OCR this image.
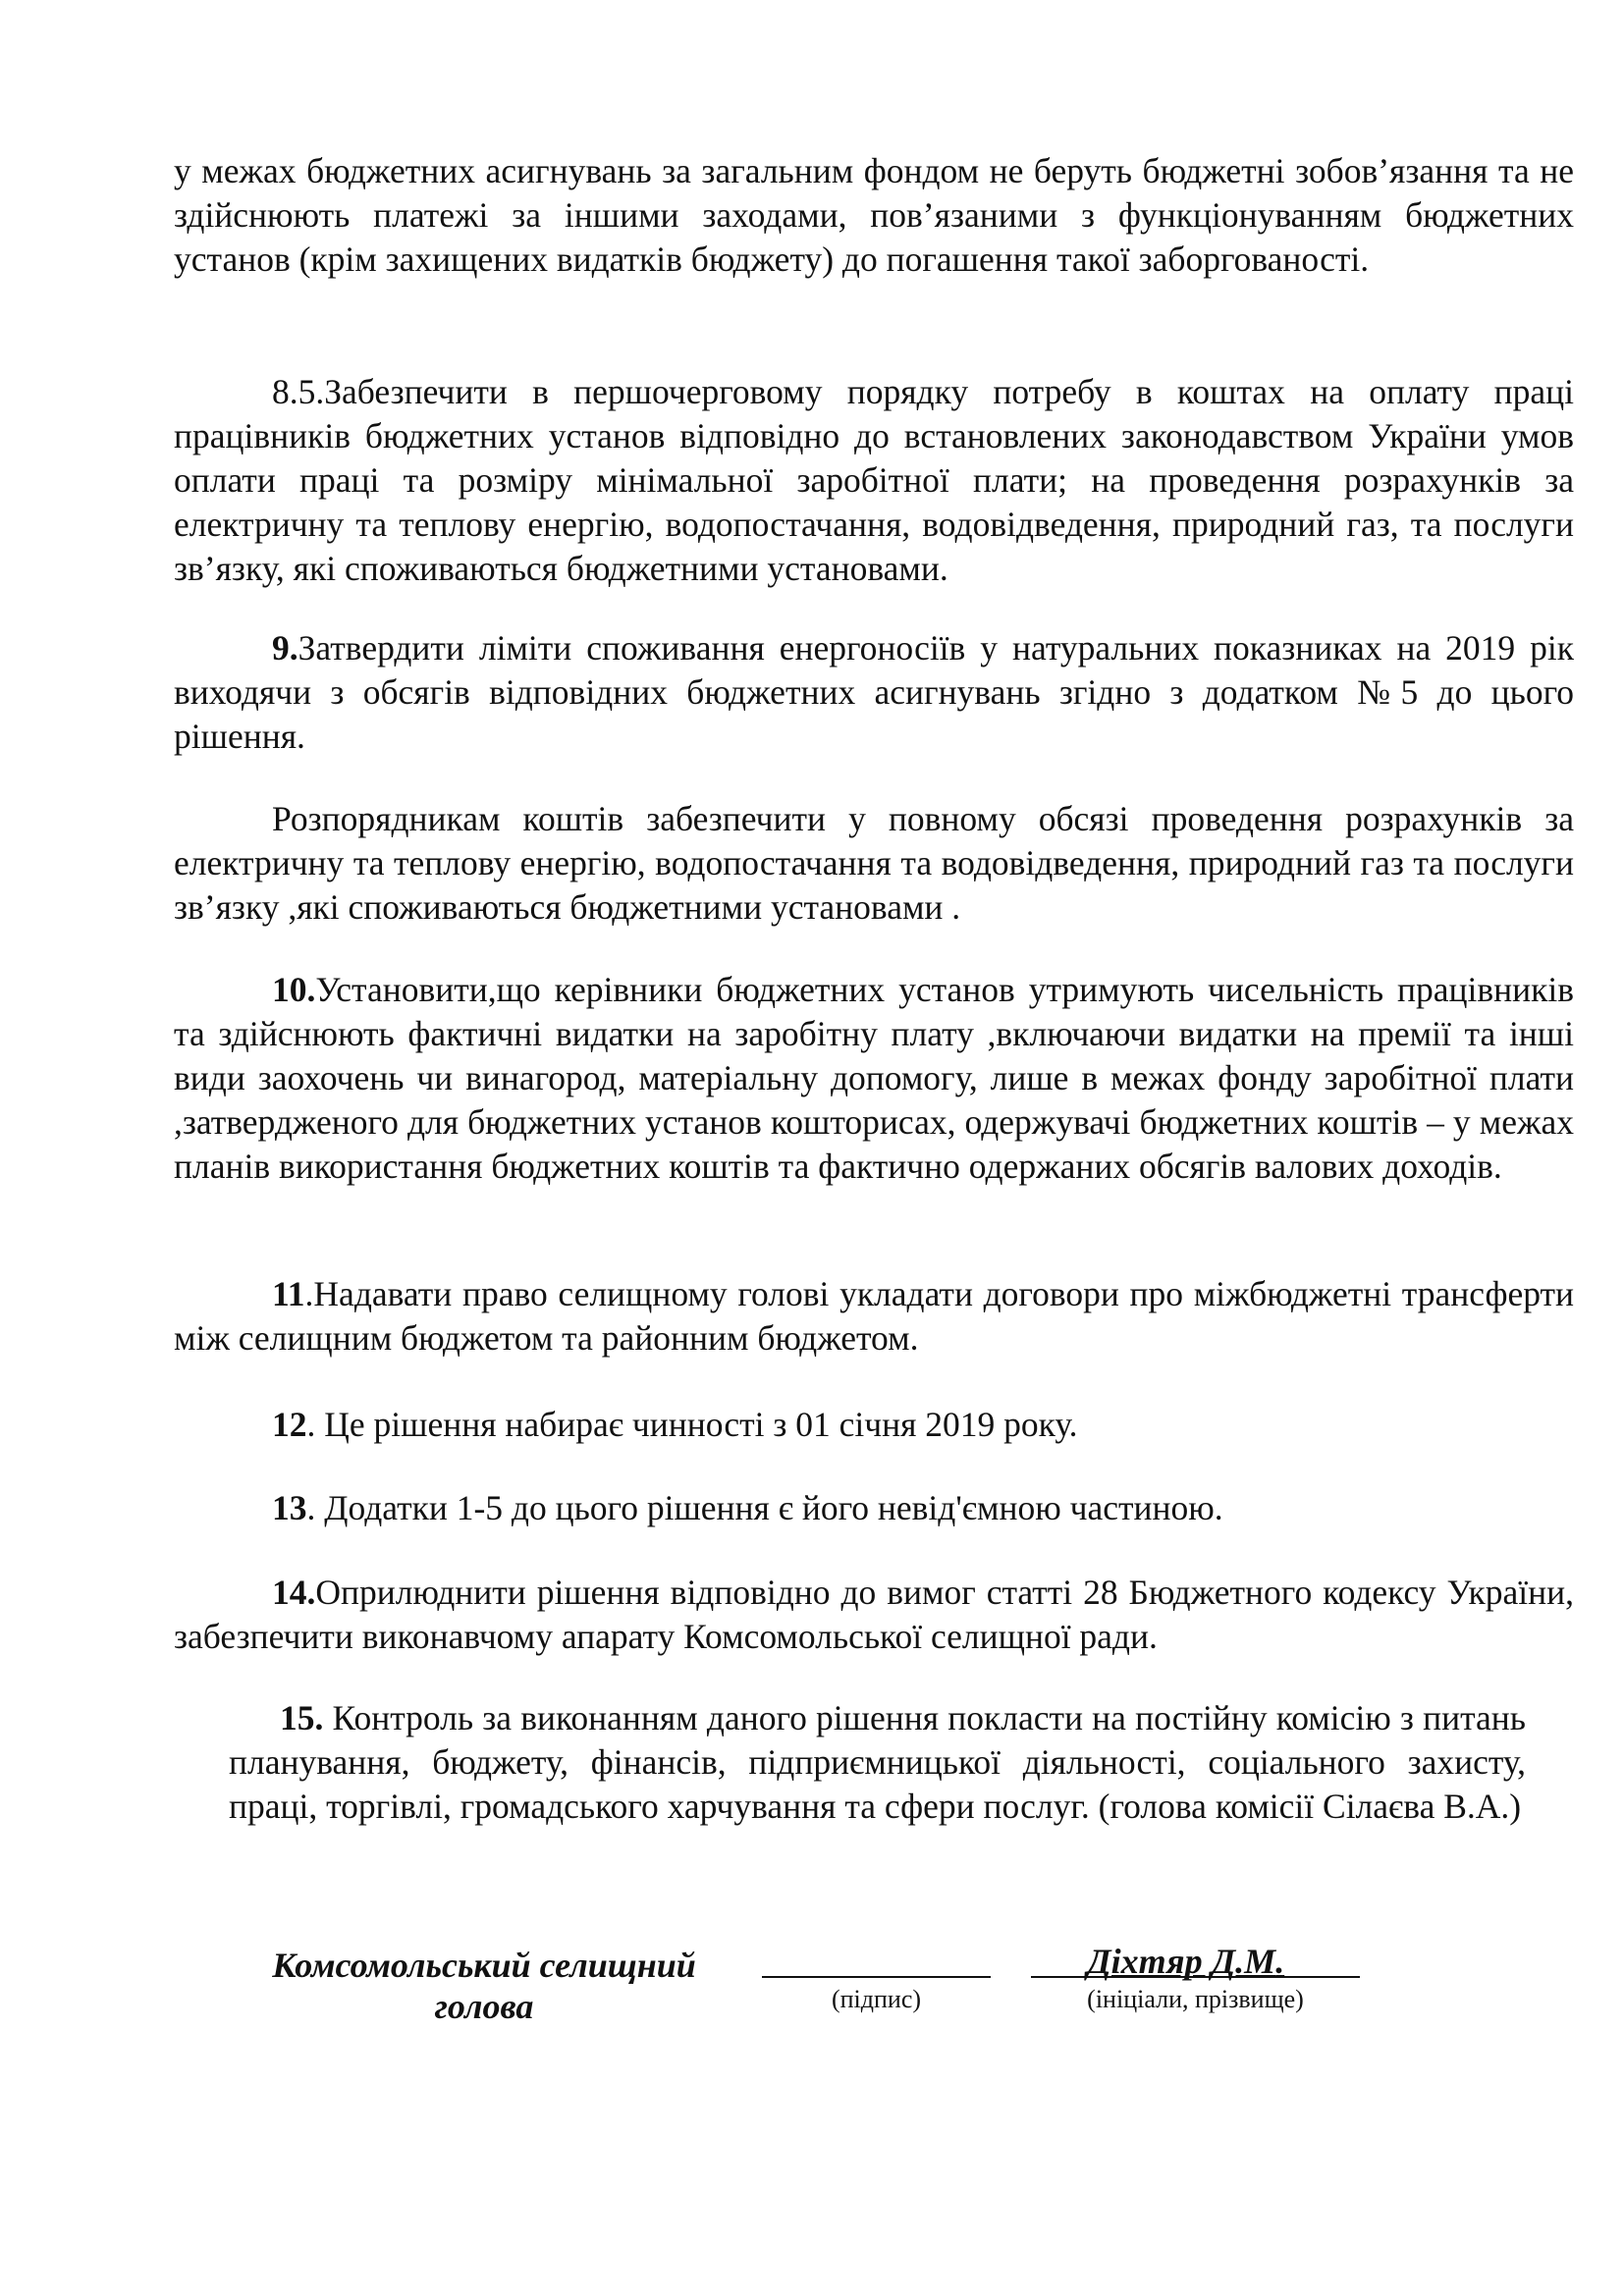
у межах бюджетних асигнувань за загальним фондом не беруть бюджетні зобов’язання та не здійснюють платежі за іншими заходами, пов’язаними з функціонуванням бюджетних установ (крім захищених видатків бюджету) до погашення такої заборгованості.

8.5.Забезпечити в першочерговому порядку потребу в коштах на оплату праці працівників бюджетних установ відповідно до встановлених законодавством України умов оплати праці та розміру мінімальної заробітної плати; на проведення розрахунків за електричну та теплову енергію, водопостачання, водовідведення, природний газ, та послуги зв’язку, які споживаються бюджетними установами.

9.Затвердити ліміти споживання енергоносіїв у натуральних показниках на 2019 рік виходячи з обсягів відповідних бюджетних асигнувань згідно з додатком №5 до цього рішення.

Розпорядникам коштів забезпечити у повному обсязі проведення розрахунків за електричну та теплову енергію, водопостачання та водовідведення, природний газ та послуги зв’язку ,які споживаються бюджетними установами .

10.Установити,що керівники бюджетних установ утримують чисельність працівників та здійснюють фактичні видатки на заробітну плату ,включаючи видатки на премії та інші види заохочень чи винагород, матеріальну допомогу, лише в межах фонду заробітної плати ,затвердженого для бюджетних установ кошторисах, одержувачі бюджетних коштів – у межах планів використання бюджетних коштів та фактично одержаних обсягів валових доходів.

11.Надавати право селищному голові укладати договори про міжбюджетні трансферти між селищним бюджетом та районним бюджетом.

12. Це рішення набирає чинності з 01 січня 2019 року.

13. Додатки 1-5 до цього рішення є його невід'ємною частиною.

14.Оприлюднити рішення відповідно до вимог статті 28 Бюджетного кодексу України, забезпечити виконавчому апарату Комсомольської селищної ради.

15. Контроль за виконанням даного рішення покласти на постійну комісію з питань планування, бюджету, фінансів, підприємницької діяльності, соціального захисту, праці, торгівлі, громадського харчування та сфери послуг. (голова комісії Сілаєва В.А.)

Комсомольський селищний
голова	(підпис)
Діхтяр Д.М.
(ініціали, прізвище)
